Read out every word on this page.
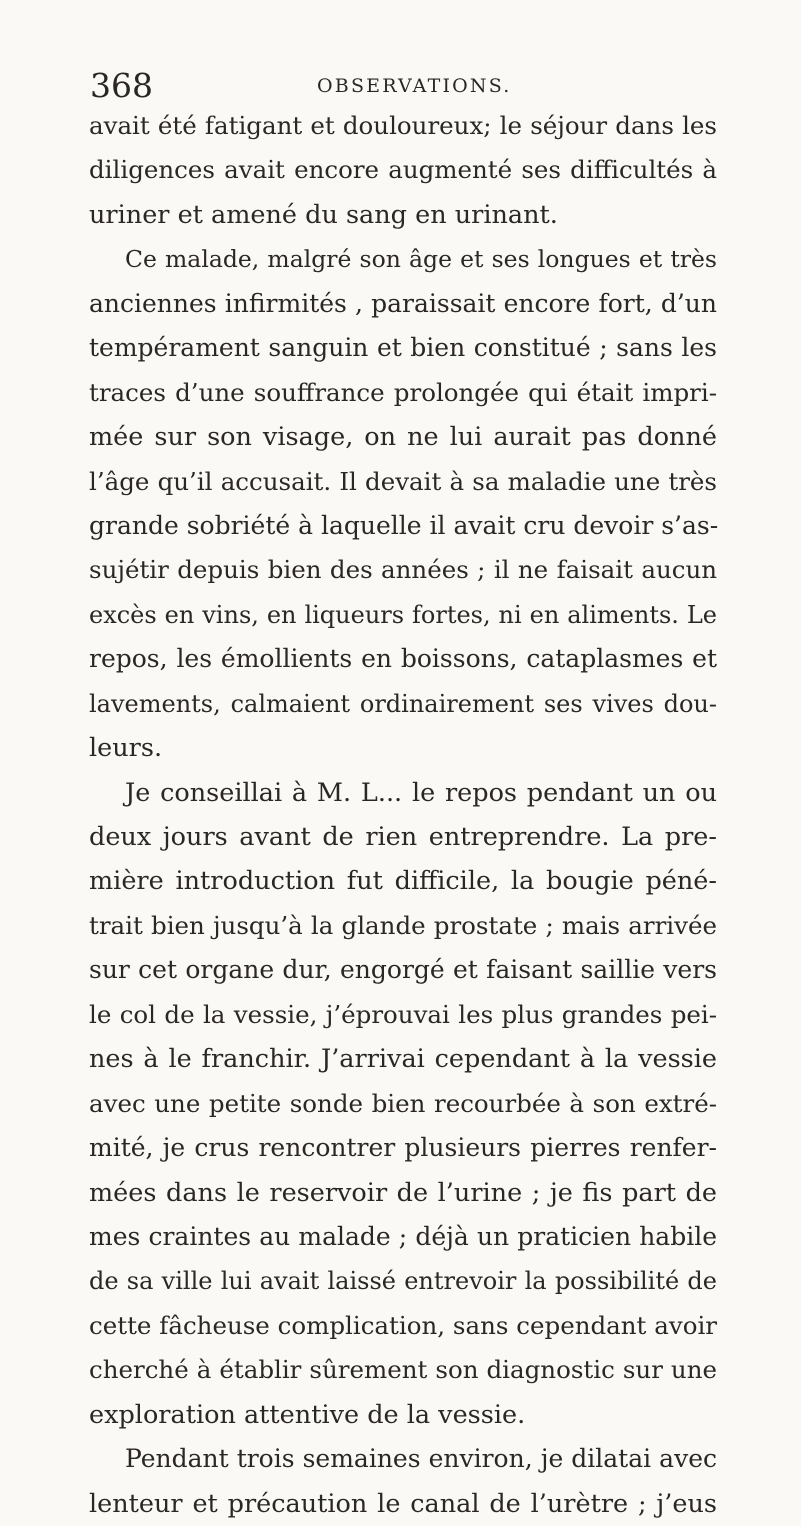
368	OBSERVATIONS.
avait été fatigant et douloureux; le séjour dans les
diligences avait encore augmenté ses difficultés à
uriner et amené du sang en urinant.
Ce malade, malgré son âge et ses longues et très
anciennes infirmités , paraissait encore fort, d’un
tempérament sanguin et bien constitué ; sans les
traces d’une souffrance prolongée qui était impri-
mée sur son visage, on ne lui aurait pas donné
l’âge qu’il accusait. Il devait à sa maladie une très
grande sobriété à laquelle il avait cru devoir s’as-
sujétir depuis bien des années ; il ne faisait aucun
excès en vins, en liqueurs fortes, ni en aliments. Le
repos, les émollients en boissons, cataplasmes et
lavements, calmaient ordinairement ses vives dou-
leurs.
Je conseillai à M. L... le repos pendant un ou
deux jours avant de rien entreprendre. La pre-
mière introduction fut difficile, la bougie péné-
trait bien jusqu’à la glande prostate ; mais arrivée
sur cet organe dur, engorgé et faisant saillie vers
le col de la vessie, j’éprouvai les plus grandes pei-
nes à le franchir. J’arrivai cependant à la vessie
avec une petite sonde bien recourbée à son extré-
mité, je crus rencontrer plusieurs pierres renfer-
mées dans le reservoir de l’urine ; je fis part de
mes craintes au malade ; déjà un praticien habile
de sa ville lui avait laissé entrevoir la possibilité de
cette fâcheuse complication, sans cependant avoir
cherché à établir sûrement son diagnostic sur une
exploration attentive de la vessie.
Pendant trois semaines environ, je dilatai avec
lenteur et précaution le canal de l’urètre ; j’eus
